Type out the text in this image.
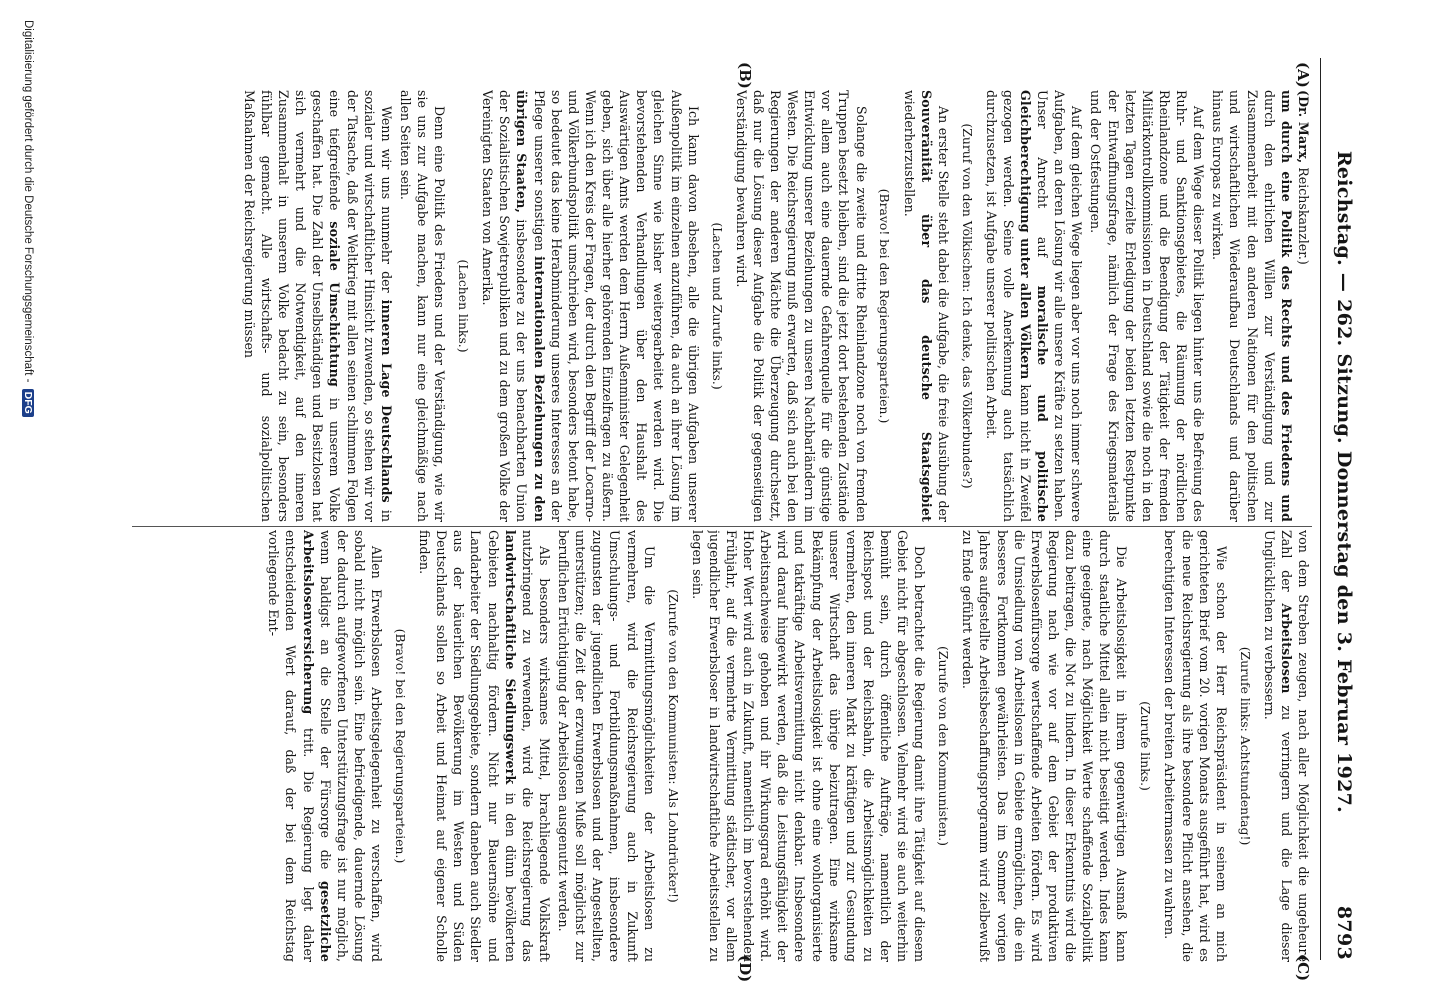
Reichstag. — 262. Sitzung. Donnerstag den 3. Februar 1927.
8793
(A)
(B)
(C)
(D)

(Dr. Marx, Reichskanzler.)

um durch eine Politik des Rechts und des Friedens und durch den ehrlichen Willen zur Verständigung und zur Zusammenarbeit mit den anderen Nationen für den politischen und wirtschaftlichen Wiederaufbau Deutschlands und darüber hinaus Europas zu wirken.

Auf dem Wege dieser Politik liegen hinter uns die Befreiung des Ruhr- und Sanktionsgebietes, die Räumung der nördlichen Rheinlandzone und die Beendigung der Tätigkeit der fremden Militärkontrollkommissionen in Deutschland sowie die noch in den letzten Tagen erzielte Erledigung der beiden letzten Restpunkte der Entwaffnungsfrage, nämlich der Frage des Kriegsmaterials und der Ostfestungen.

Auf dem gleichen Wege liegen aber vor uns noch immer schwere Aufgaben, an deren Lösung wir alle unsere Kräfte zu setzen haben. Unser Anrecht auf moralische und politische Gleichberechtigung unter allen Völkern kann nicht in Zweifel gezogen werden. Seine volle Anerkennung auch tatsächlich durchzusetzen, ist Aufgabe unserer politischen Arbeit.

(Zuruf von den Völkischen: Ich denke, das Völkerbundes?)

An erster Stelle steht dabei die Aufgabe, die freie Ausübung der Souveränität über das deutsche Staatsgebiet wiederherzustellen.

(Bravo! bei den Regierungsparteien.)

Solange die zweite und dritte Rheinlandzone noch von fremden Truppen besetzt bleiben, sind die jetzt dort bestehenden Zustände vor allem auch eine dauernde Gefahrenquelle für die günstige Entwicklung unserer Beziehungen zu unseren Nachbarländern im Westen. Die Reichsregierung muß erwarten, daß sich auch bei den Regierungen der anderen Mächte die Überzeugung durchsetzt, daß nur die Lösung dieser Aufgabe die Politik der gegenseitigen Verständigung bewahren wird.

(Lachen und Zurufe links.)

Ich kann davon absehen, alle die übrigen Aufgaben unserer Außenpolitik im einzelnen anzuführen, da auch an ihrer Lösung im gleichen Sinne wie bisher weitergearbeitet werden wird. Die bevorstehenden Verhandlungen über den Haushalt des Auswärtigen Amts werden dem Herrn Außenminister Gelegenheit geben, sich über alle hierher gehörenden Einzelfragen zu äußern. Wenn ich den Kreis der Fragen, der durch den Begriff der Locarno- und Völkerbundspolitik umschrieben wird, besonders betont habe, so bedeutet das keine Herabminderung unseres Interesses an der Pflege unserer sonstigen internationalen Beziehungen zu den übrigen Staaten, insbesondere zu der uns benachbarten Union der Sozialistischen Sowjetrepubliken und zu dem großen Volke der Vereinigten Staaten von Amerika.

(Lachen links.)

Denn eine Politik des Friedens und der Verständigung, wie wir sie uns zur Aufgabe machen, kann nur eine gleichmäßige nach allen Seiten sein.

Wenn wir uns nunmehr der inneren Lage Deutschlands in sozialer und wirtschaftlicher Hinsicht zuwenden, so stehen wir vor der Tatsache, daß der Weltkrieg mit allen seinen schlimmen Folgen eine tiefgreifende soziale Umschichtung in unserem Volke geschaffen hat. Die Zahl der Unselbständigen und Besitzlosen hat sich vermehrt und die Notwendigkeit, auf den inneren Zusammenhalt in unserem Volke bedacht zu sein, besonders fühlbar gemacht. Alle wirtschafts- und sozialpolitischen Maßnahmen der Reichsregierung müssen

von dem Streben zeugen, nach aller Möglichkeit die ungeheure Zahl der Arbeitslosen zu verringern und die Lage dieser Unglücklichen zu verbessern.

(Zurufe links: Achtstundentag!)

Wie schon der Herr Reichspräsident in seinem an mich gerichteten Brief vom 20. vorigen Monats ausgeführt hat, wird es die neue Reichsregierung als ihre besondere Pflicht ansehen, die berechtigten Interessen der breiten Arbeitermassen zu wahren.

(Zurufe links.)

Die Arbeitslosigkeit in ihrem gegenwärtigen Ausmaß kann durch staatliche Mittel allein nicht beseitigt werden. Indes kann eine geeignete, nach Möglichkeit Werte schaffende Sozialpolitik dazu beitragen, die Not zu lindern. In dieser Erkenntnis wird die Regierung nach wie vor auf dem Gebiet der produktiven Erwerbslosenfürsorge wertschaffende Arbeiten fördern. Es wird die Umsiedlung von Arbeitslosen in Gebiete ermöglichen, die ein besseres Fortkommen gewährleisten. Das im Sommer vorigen Jahres aufgestellte Arbeitsbeschaffungsprogramm wird zielbewußt zu Ende geführt werden.

(Zurufe von den Kommunisten.)

Doch betrachtet die Regierung damit ihre Tätigkeit auf diesem Gebiet nicht für abgeschlossen. Vielmehr wird sie auch weiterhin bemüht sein, durch öffentliche Aufträge, namentlich der Reichspost und der Reichsbahn, die Arbeitsmöglichkeiten zu vermehren, den inneren Markt zu kräftigen und zur Gesundung unserer Wirtschaft das übrige beizutragen. Eine wirksame Bekämpfung der Arbeitslosigkeit ist ohne eine wohlorganisierte und tatkräftige Arbeitsvermittlung nicht denkbar. Insbesondere wird darauf hingewirkt werden, daß die Leistungsfähigkeit der Arbeitsnachweise gehoben und ihr Wirkungsgrad erhöht wird. Hoher Wert wird auch in Zukunft, namentlich im bevorstehenden Frühjahr, auf die vermehrte Vermittlung städtischer, vor allem jugendlicher Erwerbsloser in landwirtschaftliche Arbeitsstellen zu legen sein.

(Zurufe von den Kommunisten: Als Lohndrücker!)

Um die Vermittlungsmöglichkeiten der Arbeitslosen zu vermehren, wird die Reichsregierung auch in Zukunft Umschulungs- und Fortbildungsmaßnahmen, insbesondere zugunsten der jugendlichen Erwerbslosen und der Angestellten, unterstützen; die Zeit der erzwungenen Muße soll möglichst zur beruflichen Ertüchtigung der Arbeitslosen ausgenutzt werden.

Als besonders wirksames Mittel, brachliegende Volkskraft nutzbringend zu verwenden, wird die Reichsregierung das landwirtschaftliche Siedlungswerk in den dünn bevölkerten Gebieten nachhaltig fördern. Nicht nur Bauernsöhne und Landarbeiter der Siedlungsgebiete, sondern daneben auch Siedler aus der bäuerlichen Bevölkerung im Westen und Süden Deutschlands sollen so Arbeit und Heimat auf eigener Scholle finden.

(Bravo! bei den Regierungsparteien.)

Allen Erwerbslosen Arbeitsgelegenheit zu verschaffen, wird sobald nicht möglich sein. Eine befriedigende, dauernde Lösung der dadurch aufgeworfenen Unterstützungsfrage ist nur möglich, wenn baldigst an die Stelle der Fürsorge die gesetzliche Arbeitslosenversicherung tritt. Die Regierung legt daher entscheidenden Wert darauf, daß der bei dem Reichstag vorliegende Ent-

Digitalisierung gefördert durch die Deutsche Forschungsgemeinschaft - DFG
